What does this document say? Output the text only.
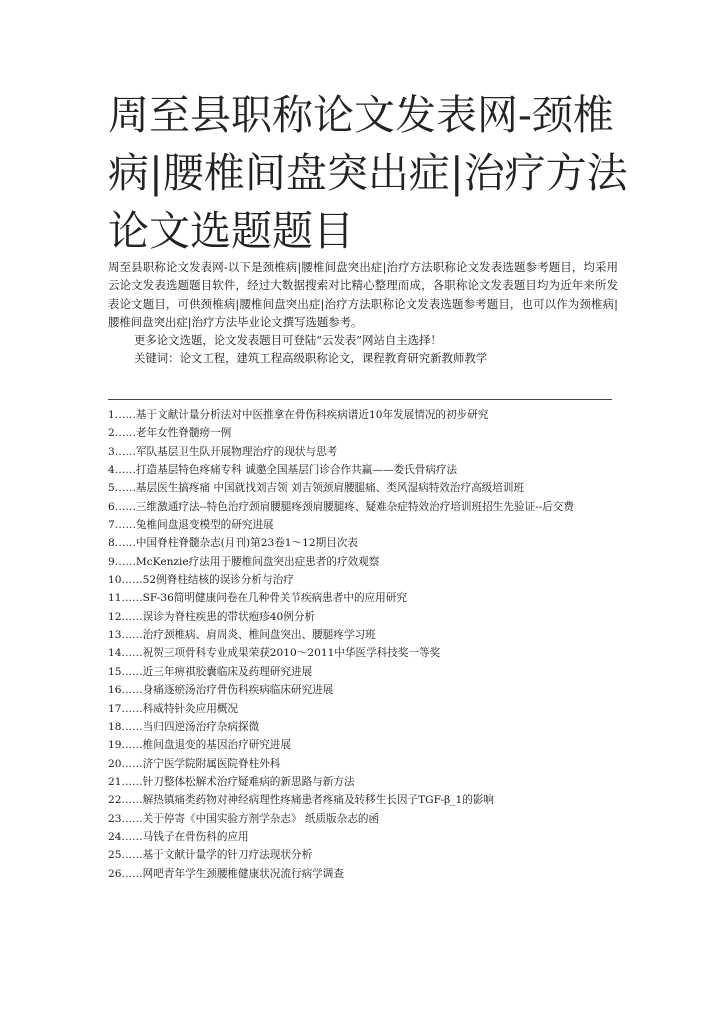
周至县职称论文发表网-颈椎病|腰椎间盘突出症|治疗方法论文选题题目

周至县职称论文发表网-以下是颈椎病|腰椎间盘突出症|治疗方法职称论文发表选题参考题目，均采用云论文发表选题题目软件，经过大数据搜索对比精心整理而成，各职称论文发表题目均为近年来所发表论文题目，可供颈椎病|腰椎间盘突出症|治疗方法职称论文发表选题参考题目，也可以作为颈椎病|腰椎间盘突出症|治疗方法毕业论文撰写选题参考。

更多论文选题，论文发表题目可登陆“云发表”网站自主选择！

关键词：论文工程，建筑工程高级职称论文，课程教育研究新教师教学

1……基于文献计量分析法对中医推拿在骨伤科疾病谱近10年发展情况的初步研究

2……老年女性脊髓痨一例

3……军队基层卫生队开展物理治疗的现状与思考

4……打造基层特色疼痛专科 诚邀全国基层门诊合作共赢——娄氏骨病疗法

5……基层医生搞疼痛 中国就找刘吉领 刘吉领颈肩腰腿痛、类风湿病特效治疗高级培训班

6……三维激通疗法--特色治疗颈肩腰腿疼颈肩腰腿疼、疑难杂症特效治疗培训班招生先验证--后交费

7……兔椎间盘退变模型的研究进展

8……中国脊柱脊髓杂志(月刊)第23卷1～12期目次表

9……McKenzie疗法用于腰椎间盘突出症患者的疗效观察

10……52例脊柱结核的误诊分析与治疗

11……SF-36简明健康问卷在几种骨关节疾病患者中的应用研究

12……误诊为脊柱疾患的带状疱疹40例分析

13……治疗颈椎病、肩周炎、椎间盘突出、腰腿疼学习班

14……祝贺三项骨科专业成果荣获2010～2011中华医学科技奖一等奖

15……近三年痹祺胶囊临床及药理研究进展

16……身痛逐瘀汤治疗骨伤科疾病临床研究进展

17……科威特针灸应用概况

18……当归四逆汤治疗杂病探微

19……椎间盘退变的基因治疗研究进展

20……济宁医学院附属医院脊柱外科

21……针刀整体松解术治疗疑难病的新思路与新方法

22……解热镇痛类药物对神经病理性疼痛患者疼痛及转移生长因子TGF-β_1的影响

23……关于停寄《中国实验方剂学杂志》 纸质版杂志的函

24……马钱子在骨伤科的应用

25……基于文献计量学的针刀疗法现状分析

26……网吧青年学生颈腰椎健康状况流行病学调查
